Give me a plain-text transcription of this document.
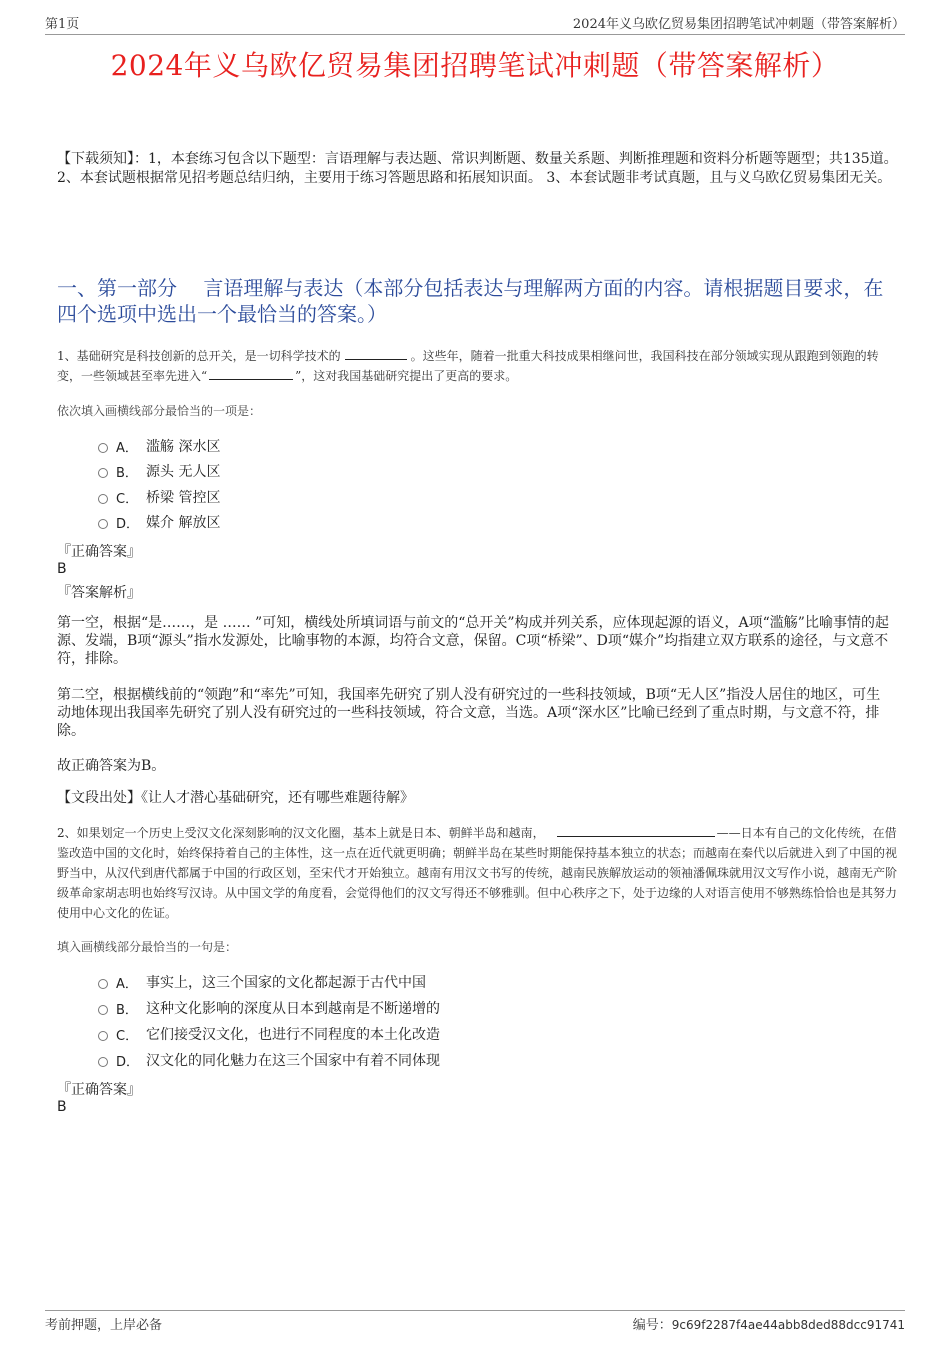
第1页	2024年义乌欧亿贸易集团招聘笔试冲刺题（带答案解析）
2024年义乌欧亿贸易集团招聘笔试冲刺题（带答案解析）
【下载须知】：1，本套练习包含以下题型：言语理解与表达题、常识判断题、数量关系题、判断推理题和资料分析题等题型；共135道。 2、本套试题根据常见招考题总结归纳，主要用于练习答题思路和拓展知识面。 3、本套试题非考试真题，且与义乌欧亿贸易集团无关。
一、第一部分　 言语理解与表达（本部分包括表达与理解两方面的内容。请根据题目要求，在四个选项中选出一个最恰当的答案。）
1、基础研究是科技创新的总开关，是一切科学技术的	。这些年，随着一批重大科技成果相继问世，我国科技在部分领域实现从跟跑到领跑的转变，一些领域甚至率先进入“	”，这对我国基础研究提出了更高的要求。
依次填入画横线部分最恰当的一项是：
A． 滥觞 深水区
B． 源头 无人区
C． 桥梁 管控区
D． 媒介 解放区
『正确答案』
B
『答案解析』
第一空，根据“是……，是 …… ”可知，横线处所填词语与前文的“总开关”构成并列关系，应体现起源的语义，A项“滥觞”比喻事情的起源、发端，B项“源头”指水发源处，比喻事物的本源，均符合文意，保留。C项“桥梁”、D项“媒介”均指建立双方联系的途径，与文意不符，排除。
第二空，根据横线前的“领跑”和“率先”可知，我国率先研究了别人没有研究过的一些科技领域，B项“无人区”指没人居住的地区，可生动地体现出我国率先研究了别人没有研究过的一些科技领域，符合文意，当选。A项“深水区”比喻已经到了重点时期，与文意不符，排除。
故正确答案为B。
【文段出处】《让人才潜心基础研究，还有哪些难题待解》
2、如果划定一个历史上受汉文化深刻影响的汉文化圈，基本上就是日本、朝鲜半岛和越南，	——日本有自己的文化传统，在借鉴改造中国的文化时，始终保持着自己的主体性，这一点在近代就更明确；朝鲜半岛在某些时期能保持基本独立的状态；而越南在秦代以后就进入到了中国的视野当中，从汉代到唐代都属于中国的行政区划，至宋代才开始独立。越南有用汉文书写的传统，越南民族解放运动的领袖潘佩珠就用汉文写作小说，越南无产阶级革命家胡志明也始终写汉诗。从中国文学的角度看，会觉得他们的汉文写得还不够雅驯。但中心秩序之下，处于边缘的人对语言使用不够熟练恰恰也是其努力使用中心文化的佐证。
填入画横线部分最恰当的一句是：
A． 事实上，这三个国家的文化都起源于古代中国
B． 这种文化影响的深度从日本到越南是不断递增的
C． 它们接受汉文化，也进行不同程度的本土化改造
D． 汉文化的同化魅力在这三个国家中有着不同体现
『正确答案』
B
考前押题，上岸必备	编号：9c69f2287f4ae44abb8ded88dcc91741
